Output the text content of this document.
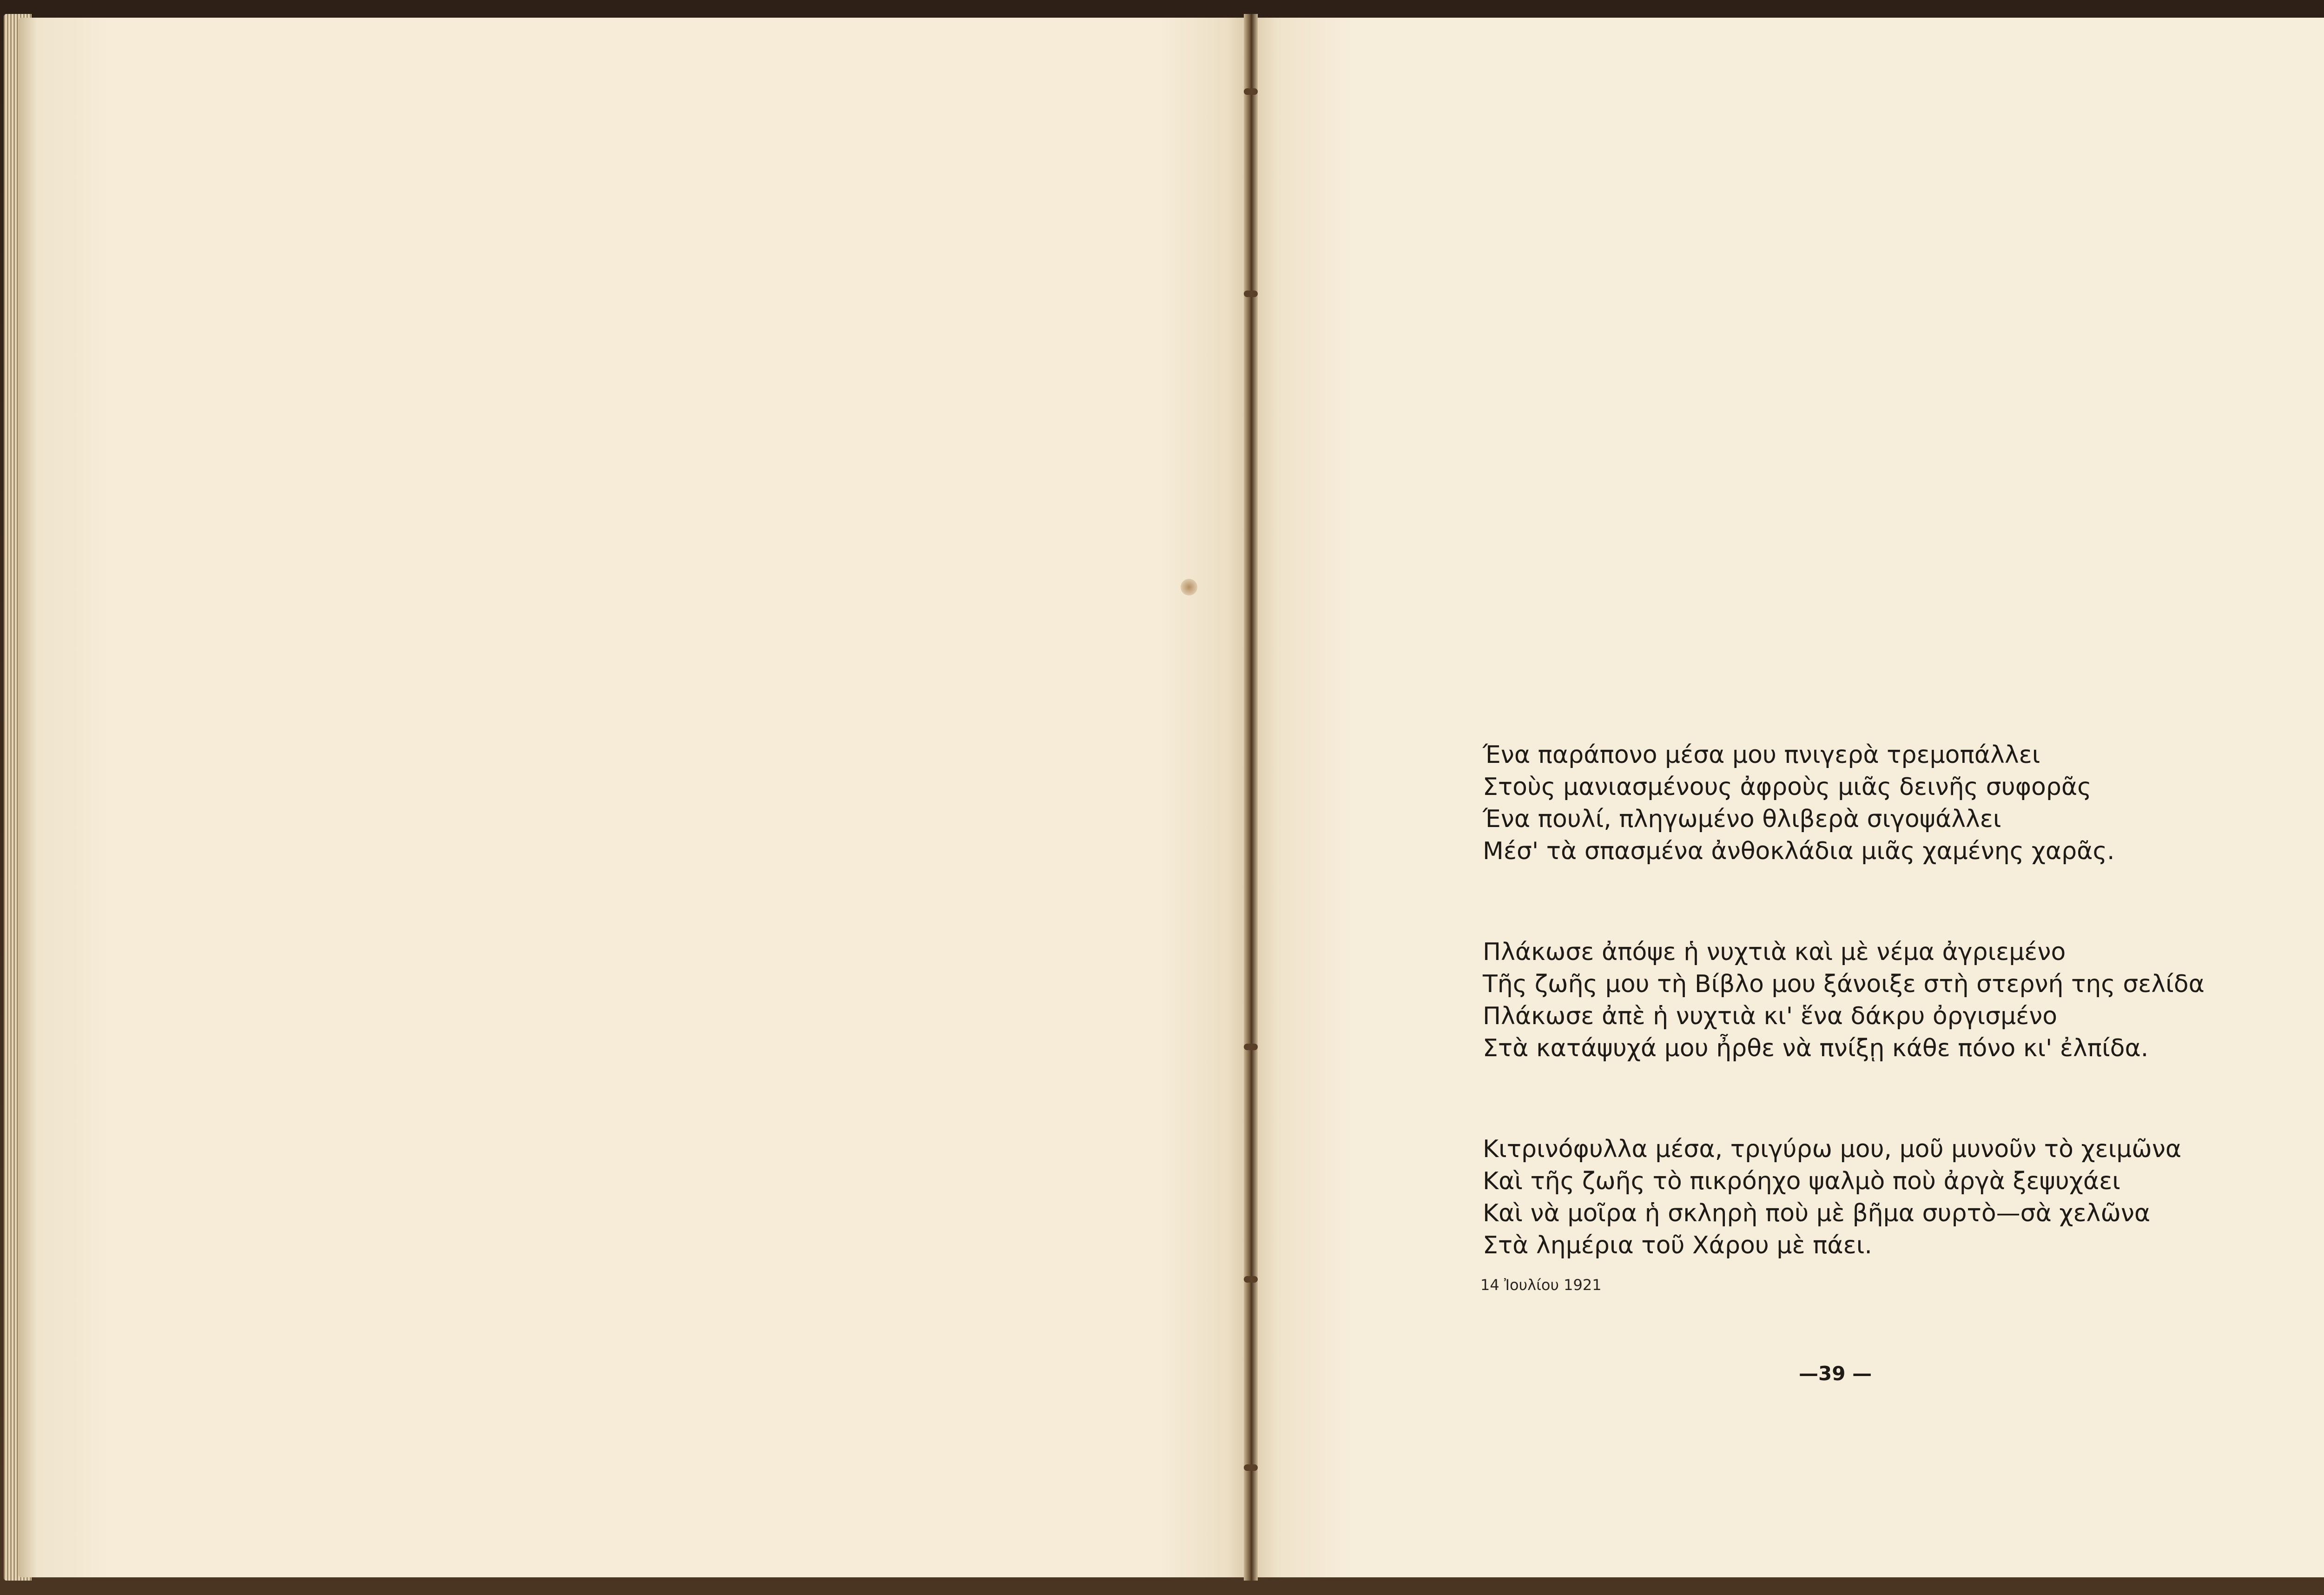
Ένα παράπονο μέσα μου πνιγερὰ τρεμοπάλλει
Στοὺς μανιασμένους ἀφροὺς μιᾶς δεινῆς συφορᾶς
Ένα πουλί, πληγωμένο θλιβερὰ σιγοψάλλει
Μέσ' τὰ σπασμένα ἀνθοκλάδια μιᾶς χαμένης χαρᾶς.

Πλάκωσε ἀπόψε ἡ νυχτιὰ καὶ μὲ νέμα ἀγριεμένο
Τῆς ζωῆς μου τὴ Βίβλο μου ξάνοιξε στὴ στερνή της σελίδα
Πλάκωσε ἀπὲ ἡ νυχτιὰ κι' ἕνα δάκρυ ὀργισμένο
Στὰ κατάψυχά μου ἦρθε νὰ πνίξῃ κάθε πόνο κι' ἐλπίδα.

Κιτρινόφυλλα μέσα, τριγύρω μου, μοῦ μυνοῦν τὸ χειμῶνα
Καὶ τῆς ζωῆς τὸ πικρόηχο ψαλμὸ ποὺ ἀργὰ ξεψυχάει
Καὶ νὰ μοῖρα ἡ σκληρὴ ποὺ μὲ βῆμα συρτὸ—σὰ χελῶνα
Στὰ λημέρια τοῦ Χάρου μὲ πάει.

14 Ἰουλίου 1921
—39 —
